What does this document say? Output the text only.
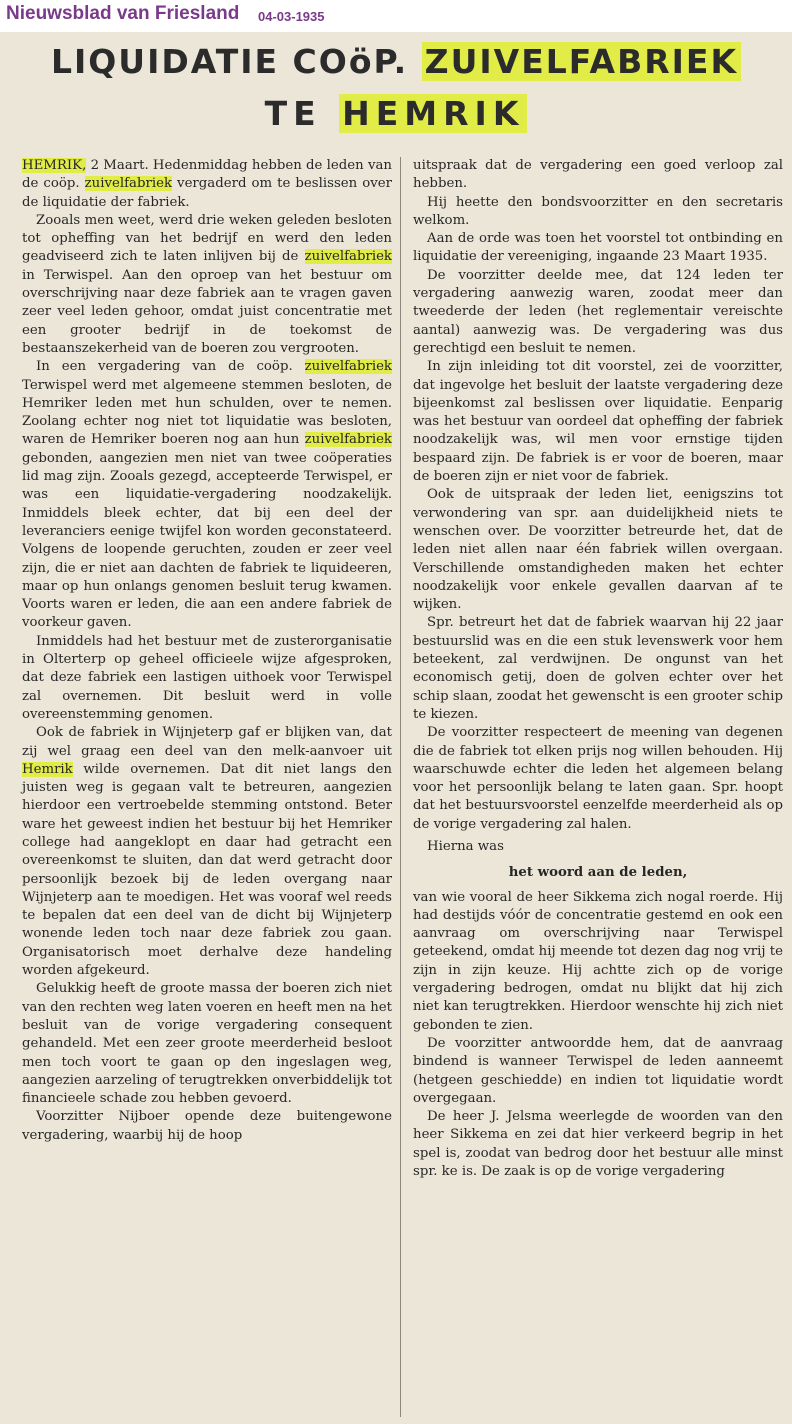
Nieuwsblad van Friesland 04-03-1935
LIQUIDATIE COöP. ZUIVELFABRIEK
TE HEMRIK

HEMRIK, 2 Maart. Hedenmiddag hebben de leden van de coöp. zuivelfabriek vergaderd om te beslissen over de liquidatie der fabriek.

Zooals men weet, werd drie weken geleden besloten tot opheffing van het bedrijf en werd den leden geadviseerd zich te laten inlijven bij de zuivelfabriek in Terwispel. Aan den oproep van het bestuur om overschrijving naar deze fabriek aan te vragen gaven zeer veel leden gehoor, omdat juist concentratie met een grooter bedrijf in de toekomst de bestaanszekerheid van de boeren zou vergrooten.

In een vergadering van de coöp. zuivelfabriek Terwispel werd met algemeene stemmen besloten, de Hemriker leden met hun schulden, over te nemen. Zoolang echter nog niet tot liquidatie was besloten, waren de Hemriker boeren nog aan hun zuivelfabriek gebonden, aangezien men niet van twee coöperaties lid mag zijn. Zooals gezegd, accepteerde Terwispel, er was een liquidatie-vergadering noodzakelijk. Inmiddels bleek echter, dat bij een deel der leveranciers eenige twijfel kon worden geconstateerd. Volgens de loopende geruchten, zouden er zeer veel zijn, die er niet aan dachten de fabriek te liquideeren, maar op hun onlangs genomen besluit terug kwamen. Voorts waren er leden, die aan een andere fabriek de voorkeur gaven.

Inmiddels had het bestuur met de zusterorganisatie in Olterterp op geheel officieele wijze afgesproken, dat deze fabriek een lastigen uithoek voor Terwispel zal overnemen. Dit besluit werd in volle overeenstemming genomen.

Ook de fabriek in Wijnjeterp gaf er blijken van, dat zij wel graag een deel van den melk-aanvoer uit Hemrik wilde overnemen. Dat dit niet langs den juisten weg is gegaan valt te betreuren, aangezien hierdoor een vertroebelde stemming ontstond. Beter ware het geweest indien het bestuur bij het Hemriker college had aangeklopt en daar had getracht een overeenkomst te sluiten, dan dat werd getracht door persoonlijk bezoek bij de leden overgang naar Wijnjeterp aan te moedigen. Het was vooraf wel reeds te bepalen dat een deel van de dicht bij Wijnjeterp wonende leden toch naar deze fabriek zou gaan. Organisatorisch moet derhalve deze handeling worden afgekeurd.

Gelukkig heeft de groote massa der boeren zich niet van den rechten weg laten voeren en heeft men na het besluit van de vorige vergadering consequent gehandeld. Met een zeer groote meerderheid besloot men toch voort te gaan op den ingeslagen weg, aangezien aarzeling of terugtrekken onverbiddelijk tot financieele schade zou hebben gevoerd.

Voorzitter Nijboer opende deze buitengewone vergadering, waarbij hij de hoop

uitspraak dat de vergadering een goed verloop zal hebben.

Hij heette den bondsvoorzitter en den secretaris welkom.

Aan de orde was toen het voorstel tot ontbinding en liquidatie der vereeniging, ingaande 23 Maart 1935.

De voorzitter deelde mee, dat 124 leden ter vergadering aanwezig waren, zoodat meer dan tweederde der leden (het reglementair vereischte aantal) aanwezig was. De vergadering was dus gerechtigd een besluit te nemen.

In zijn inleiding tot dit voorstel, zei de voorzitter, dat ingevolge het besluit der laatste vergadering deze bijeenkomst zal beslissen over liquidatie. Eenparig was het bestuur van oordeel dat opheffing der fabriek noodzakelijk was, wil men voor ernstige tijden bespaard zijn. De fabriek is er voor de boeren, maar de boeren zijn er niet voor de fabriek.

Ook de uitspraak der leden liet, eenigszins tot verwondering van spr. aan duidelijkheid niets te wenschen over. De voorzitter betreurde het, dat de leden niet allen naar één fabriek willen overgaan. Verschillende omstandigheden maken het echter noodzakelijk voor enkele gevallen daarvan af te wijken.

Spr. betreurt het dat de fabriek waarvan hij 22 jaar bestuurslid was en die een stuk levenswerk voor hem beteekent, zal verdwijnen. De ongunst van het economisch getij, doen de golven echter over het schip slaan, zoodat het gewenscht is een grooter schip te kiezen.

De voorzitter respecteert de meening van degenen die de fabriek tot elken prijs nog willen behouden. Hij waarschuwde echter die leden het algemeen belang voor het persoonlijk belang te laten gaan. Spr. hoopt dat het bestuursvoorstel eenzelfde meerderheid als op de vorige vergadering zal halen.

Hierna was

het woord aan de leden,

van wie vooral de heer Sikkema zich nogal roerde. Hij had destijds vóór de concentratie gestemd en ook een aanvraag om overschrijving naar Terwispel geteekend, omdat hij meende tot dezen dag nog vrij te zijn in zijn keuze. Hij achtte zich op de vorige vergadering bedrogen, omdat nu blijkt dat hij zich niet kan terugtrekken. Hierdoor wenschte hij zich niet gebonden te zien.

De voorzitter antwoordde hem, dat de aanvraag bindend is wanneer Terwispel de leden aanneemt (hetgeen geschiedde) en indien tot liquidatie wordt overgegaan.

De heer J. Jelsma weerlegde de woorden van den heer Sikkema en zei dat hier verkeerd begrip in het spel is, zoodat van bedrog door het bestuur alle minst spr. ke is. De zaak is op de vorige vergadering
